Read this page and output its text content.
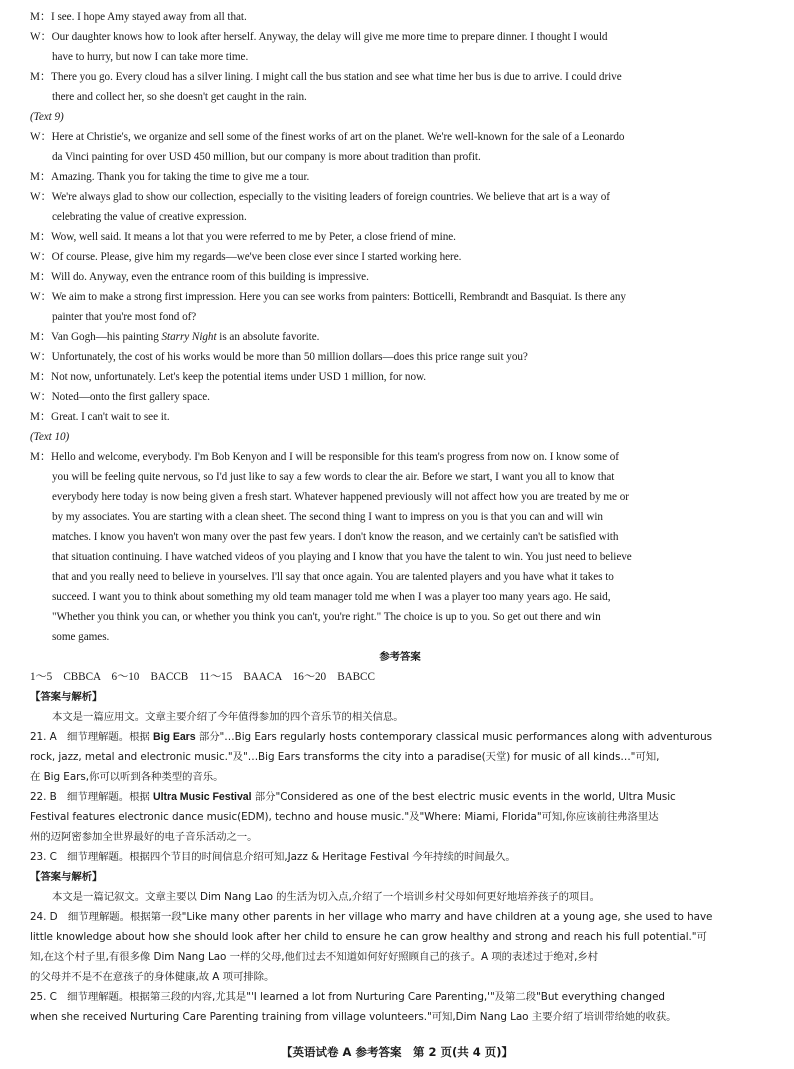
M：I see. I hope Amy stayed away from all that.
W：Our daughter knows how to look after herself. Anyway, the delay will give me more time to prepare dinner. I thought I would
have to hurry, but now I can take more time.
M：There you go. Every cloud has a silver lining. I might call the bus station and see what time her bus is due to arrive. I could drive
there and collect her, so she doesn't get caught in the rain.
(Text 9)
W：Here at Christie's, we organize and sell some of the finest works of art on the planet. We're well-known for the sale of a Leonardo
da Vinci painting for over USD 450 million, but our company is more about tradition than profit.
M：Amazing. Thank you for taking the time to give me a tour.
W：We're always glad to show our collection, especially to the visiting leaders of foreign countries. We believe that art is a way of
celebrating the value of creative expression.
M：Wow, well said. It means a lot that you were referred to me by Peter, a close friend of mine.
W：Of course. Please, give him my regards—we've been close ever since I started working here.
M：Will do. Anyway, even the entrance room of this building is impressive.
W：We aim to make a strong first impression. Here you can see works from painters: Botticelli, Rembrandt and Basquiat. Is there any
painter that you're most fond of?
M：Van Gogh—his painting Starry Night is an absolute favorite.
W：Unfortunately, the cost of his works would be more than 50 million dollars—does this price range suit you?
M：Not now, unfortunately. Let's keep the potential items under USD 1 million, for now.
W：Noted—onto the first gallery space.
M：Great. I can't wait to see it.
(Text 10)
M：Hello and welcome, everybody. I'm Bob Kenyon and I will be responsible for this team's progress from now on. I know some of
you will be feeling quite nervous, so I'd just like to say a few words to clear the air. Before we start, I want you all to know that
everybody here today is now being given a fresh start. Whatever happened previously will not affect how you are treated by me or
by my associates. You are starting with a clean sheet. The second thing I want to impress on you is that you can and will win
matches. I know you haven't won many over the past few years. I don't know the reason, and we certainly can't be satisfied with
that situation continuing. I have watched videos of you playing and I know that you have the talent to win. You just need to believe
that and you really need to believe in yourselves. I'll say that once again. You are talented players and you have what it takes to
succeed. I want you to think about something my old team manager told me when I was a player too many years ago. He said,
"Whether you think you can, or whether you think you can't, you're right." The choice is up to you. So get out there and win
some games.
参考答案
1～5　CBBCA　6～10　BACCB　11～15　BAACA　16～20　BABCC
【答案与解析】
本文是一篇应用文。文章主要介绍了今年值得参加的四个音乐节的相关信息。
21. A　细节理解题。根据 Big Ears 部分"…Big Ears regularly hosts contemporary classical music performances along with adventurous
rock, jazz, metal and electronic music."及"…Big Ears transforms the city into a paradise(天堂) for music of all kinds…"可知,
在 Big Ears,你可以听到各种类型的音乐。
22. B　细节理解题。根据 Ultra Music Festival 部分"Considered as one of the best electric music events in the world, Ultra Music
Festival features electronic dance music(EDM), techno and house music."及"Where: Miami, Florida"可知,你应该前往弗洛里达
州的迈阿密参加全世界最好的电子音乐活动之一。
23. C　细节理解题。根据四个节目的时间信息介绍可知,Jazz & Heritage Festival 今年持续的时间最久。
【答案与解析】
本文是一篇记叙文。文章主要以 Dim Nang Lao 的生活为切入点,介绍了一个培训乡村父母如何更好地培养孩子的项目。
24. D　细节理解题。根据第一段"Like many other parents in her village who marry and have children at a young age, she used to have
little knowledge about how she should look after her child to ensure he can grow healthy and strong and reach his full potential."可
知,在这个村子里,有很多像 Dim Nang Lao 一样的父母,他们过去不知道如何好好照顾自己的孩子。A 项的表述过于绝对,乡村
的父母并不是不在意孩子的身体健康,故 A 项可排除。
25. C　细节理解题。根据第三段的内容,尤其是"'I learned a lot from Nurturing Care Parenting,'"及第二段"But everything changed
when she received Nurturing Care Parenting training from village volunteers."可知,Dim Nang Lao 主要介绍了培训带给她的收获。
【英语试卷 A 参考答案　第 2 页(共 4 页)】
